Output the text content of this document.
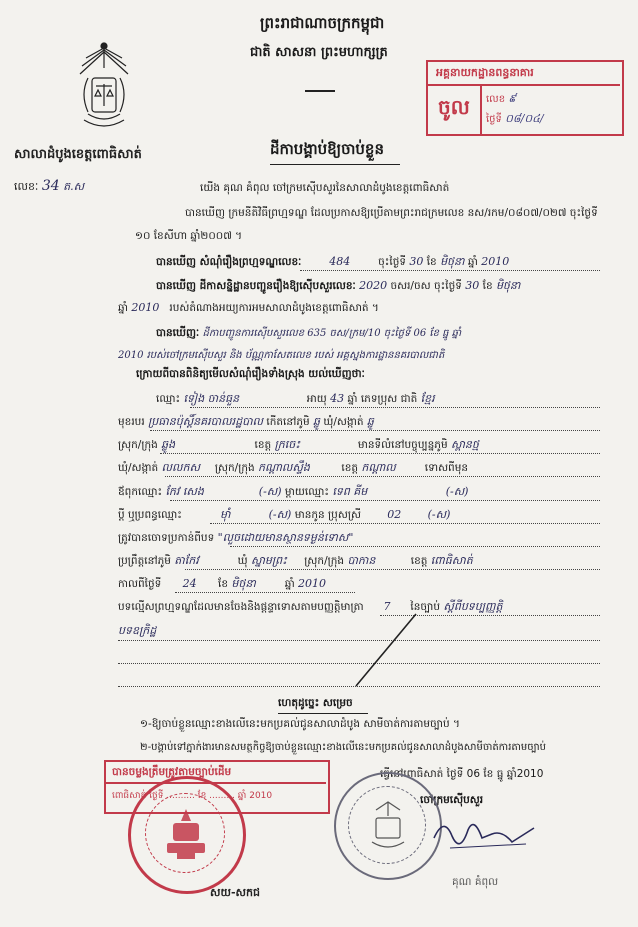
ព្រះរាជាណាចក្រកម្ពុជា
ជាតិ សាសនា ព្រះមហាក្សត្រ
អគ្គនាយកដ្ឋានពន្ធនាគារ
ចូល លេខ ៩
ថ្ងៃទី ០៨/០៤/
សាលាដំបូងខេត្តពោធិសាត់
លេខៈ 34 ត.ស
ដីកាបង្គាប់ឱ្យចាប់ខ្លួន
យើង គុណ គំពុល ចៅក្រមស៊ើបសួរនៃសាលាដំបូងខេត្តពោធិសាត់
បានឃើញ ក្រមនីតិវិធីព្រហ្មទណ្ឌ ដែលប្រកាសឱ្យប្រើតាមព្រះរាជក្រមលេខ នស/រកម/០៨០៧/០២៧ ចុះថ្ងៃទី
១០ ខែសីហា ឆ្នាំ២០០៧ ។
បានឃើញ សំណុំរឿងព្រហ្មទណ្ឌលេខៈ	484	ចុះថ្ងៃទី 30 ខែ មិថុនា ឆ្នាំ 2010
បានឃើញ ដីកាសន្និដ្ឋានបញ្ជូនរឿងឱ្យស៊ើបសួរលេខៈ 2020 ចសរ/ចស ចុះថ្ងៃទី 30 ខែ មិថុនា
ឆ្នាំ 2010 របស់តំណាងអយ្យការអមសាលាដំបូងខេត្តពោធិសាត់ ។
បានឃើញៈ ដីកាបញ្ជូនការស៊ើបសួរលេខ 635 ចស/ក្រម/10 ចុះថ្ងៃទី 06 ខែ ធ្នូ ឆ្នាំ
2010 របស់ចៅក្រមស៊ើបសួរ និង ប័ណ្ណកាសែតលេខ របស់ អគ្គស្នងការដ្ឋាននគរបាលជាតិ
ក្រោយពីបានពិនិត្យមើលសំណុំរឿងទាំងស្រុង យល់ឃើញថាៈ
ឈ្មោះ ទៀង ចាន់ធួន	អាយុ 43 ឆ្នាំ ភេទប្រុស ជាតិ ខ្មែរ
មុខរបរ ប្រធានប៉ុស្តិ៍នគរបាលរដ្ឋបាល កើតនៅភូមិ ឆ្លូ ឃុំ/សង្កាត់ ឆ្លូ
ស្រុក/ក្រុង ឆ្លូង	ខេត្ត ក្រចេះ	មានទីលំនៅបច្ចុប្បន្នភូមិ ស្ពានថ្ម
ឃុំ/សង្កាត់ លលកស ស្រុក/ក្រុង កណ្តាលស្ទឹង	ខេត្ត កណ្តាល	ទោសពីមុន
ឪពុកឈ្មោះ កែវ សេង	(-ស) ម្តាយឈ្មោះ ទេព គីម	(-ស)
ប្តី ឬប្រពន្ធឈ្មោះ	ម៉ាំ	(-ស) មានកូន ប្រុសស្រី 02 (-ស)
ត្រូវបានចោទប្រកាន់ពីបទ "លួចដោយមានស្ថានទម្ងន់ទោស"
ប្រព្រឹត្តនៅភូមិ តាកែវ	ឃុំ ស្នាមព្រះ ស្រុក/ក្រុង បាកាន	ខេត្ត ពោធិសាត់
កាលពីថ្ងៃទី 24 ខែ មិថុនា	ឆ្នាំ 2010
បទល្មើសព្រហ្មទណ្ឌដែលមានចែងនិងផ្តន្ទាទោសតាមបញ្ញត្តិមាត្រា 7 នៃច្បាប់ ស្តីពីបទប្បញ្ញត្តិ
បទឧក្រិដ្ឋ
ហេតុដូច្នេះ សម្រេច
១-ឱ្យចាប់ខ្លួនឈ្មោះខាងលើនេះមកប្រគល់ជូនសាលាដំបូង សាមីចាត់ការតាមច្បាប់ ។
២-បង្គាប់ទៅភ្នាក់ងារមានសមត្ថកិច្ចឱ្យចាប់ខ្លួនឈ្មោះខាងលើនេះមកប្រគល់ជូនសាលាដំបូងសាមីចាត់ការតាមច្បាប់
ធ្វើនៅពោធិសាត់ ថ្ងៃទី 06 ខែ ធ្នូ ឆ្នាំ2010
ចៅក្រមស៊ើបសួរ
បានចម្លងត្រឹមត្រូវតាមច្បាប់ដើម
ពោធិសាត់ ថ្ងៃទី .......... ខែ ......... ឆ្នាំ 2010
សយ-សកជ
គុណ គំពុល
